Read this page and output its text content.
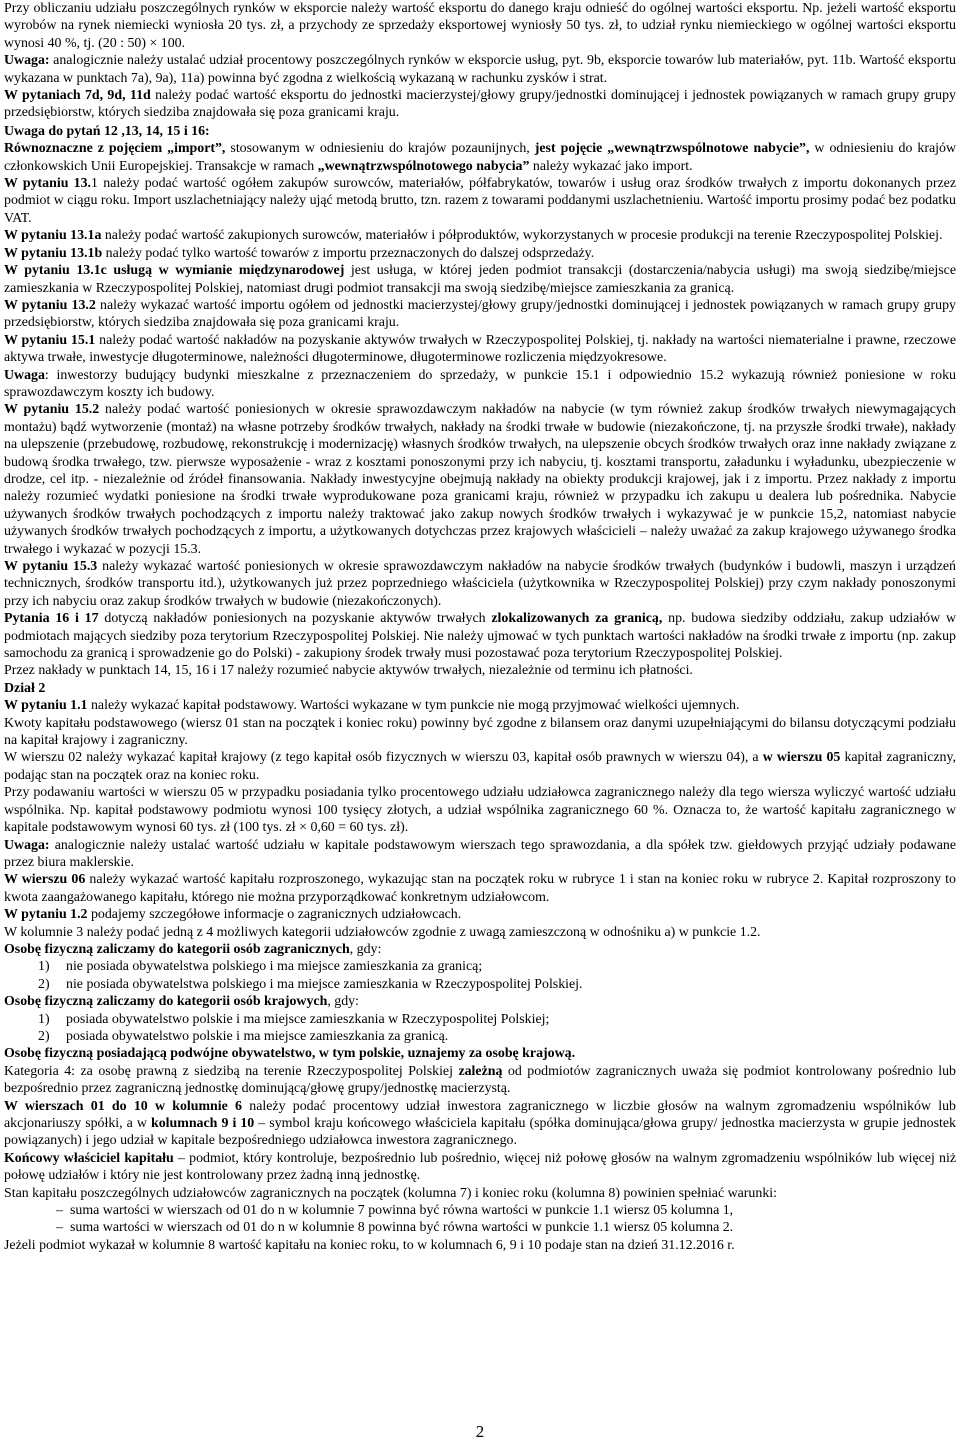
Przy obliczaniu udziału poszczególnych rynków w eksporcie należy wartość eksportu do danego kraju odnieść do ogólnej wartości eksportu. Np. jeżeli wartość eksportu wyrobów na rynek niemiecki wyniosła 20 tys. zł, a przychody ze sprzedaży eksportowej wyniosły 50 tys. zł, to udział rynku niemieckiego w ogólnej wartości eksportu wynosi 40 %, tj. (20 : 50) × 100.

Uwaga: analogicznie należy ustalać udział procentowy poszczególnych rynków w eksporcie usług, pyt. 9b, eksporcie towarów lub materiałów, pyt. 11b. Wartość eksportu wykazana w punktach 7a), 9a), 11a) powinna być zgodna z wielkością wykazaną w rachunku zysków i strat.

W pytaniach 7d, 9d, 11d należy podać wartość eksportu do jednostki macierzystej/głowy grupy/jednostki dominującej i jednostek powiązanych w ramach grupy grupy przedsiębiorstw, których siedziba znajdowała się poza granicami kraju.

Uwaga do pytań 12 ,13, 14, 15 i 16:

Równoznaczne z pojęciem „import”, stosowanym w odniesieniu do krajów pozaunijnych, jest pojęcie „wewnątrzwspólnotowe nabycie”, w odniesieniu do krajów członkowskich Unii Europejskiej. Transakcje w ramach „wewnątrzwspólnotowego nabycia” należy wykazać jako import.

W pytaniu 13.1 należy podać wartość ogółem zakupów surowców, materiałów, półfabrykatów, towarów i usług oraz środków trwałych z importu dokonanych przez podmiot w ciągu roku. Import uszlachetniający należy ująć metodą brutto, tzn. razem z towarami poddanymi uszlachetnieniu. Wartość importu prosimy podać bez podatku VAT.

W pytaniu 13.1a należy podać wartość zakupionych surowców, materiałów i półproduktów, wykorzystanych w procesie produkcji na terenie Rzeczypospolitej Polskiej.

W pytaniu 13.1b należy podać tylko wartość towarów z importu przeznaczonych do dalszej odsprzedaży.

W pytaniu 13.1c usługą w wymianie międzynarodowej jest usługa, w której jeden podmiot transakcji (dostarczenia/nabycia usługi) ma swoją siedzibę/miejsce zamieszkania w Rzeczypospolitej Polskiej, natomiast drugi podmiot transakcji ma swoją siedzibę/miejsce zamieszkania za granicą.

W pytaniu 13.2 należy wykazać wartość importu ogółem od jednostki macierzystej/głowy grupy/jednostki dominującej i jednostek powiązanych w ramach grupy grupy przedsiębiorstw, których siedziba znajdowała się poza granicami kraju.

W pytaniu 15.1 należy podać wartość nakładów na pozyskanie aktywów trwałych w Rzeczypospolitej Polskiej, tj. nakłady na wartości niematerialne i prawne, rzeczowe aktywa trwałe, inwestycje długoterminowe, należności długoterminowe, długoterminowe rozliczenia międzyokresowe.

Uwaga: inwestorzy budujący budynki mieszkalne z przeznaczeniem do sprzedaży, w punkcie 15.1 i odpowiednio 15.2 wykazują również poniesione w roku sprawozdawczym koszty ich budowy.

W pytaniu 15.2 należy podać wartość poniesionych w okresie sprawozdawczym nakładów na nabycie (w tym również zakup środków trwałych niewymagających montażu) bądź wytworzenie (montaż) na własne potrzeby środków trwałych, nakłady na środki trwałe w budowie (niezakończone, tj. na przyszłe środki trwałe), nakłady na ulepszenie (przebudowę, rozbudowę, rekonstrukcję i modernizację) własnych środków trwałych, na ulepszenie obcych środków trwałych oraz inne nakłady związane z budową środka trwałego, tzw. pierwsze wyposażenie - wraz z kosztami ponoszonymi przy ich nabyciu, tj. kosztami transportu, załadunku i wyładunku, ubezpieczenie w drodze, cel itp. - niezależnie od źródeł finansowania. Nakłady inwestycyjne obejmują nakłady na obiekty produkcji krajowej, jak i z importu. Przez nakłady z importu należy rozumieć wydatki poniesione na środki trwałe wyprodukowane poza granicami kraju, również w przypadku ich zakupu u dealera lub pośrednika. Nabycie używanych środków trwałych pochodzących z importu należy traktować jako zakup nowych środków trwałych i wykazywać je w punkcie 15,2, natomiast nabycie używanych środków trwałych pochodzących z importu, a użytkowanych dotychczas przez krajowych właścicieli – należy uważać za zakup krajowego używanego środka trwałego i wykazać w pozycji 15.3.

W pytaniu 15.3 należy wykazać wartość poniesionych w okresie sprawozdawczym nakładów na nabycie środków trwałych (budynków i budowli, maszyn i urządzeń technicznych, środków transportu itd.), użytkowanych już przez poprzedniego właściciela (użytkownika w Rzeczypospolitej Polskiej) przy czym nakłady ponoszonymi przy ich nabyciu oraz zakup środków trwałych w budowie (niezakończonych).

Pytania 16 i 17 dotyczą nakładów poniesionych na pozyskanie aktywów trwałych zlokalizowanych za granicą, np. budowa siedziby oddziału, zakup udziałów w podmiotach mających siedziby poza terytorium Rzeczypospolitej Polskiej. Nie należy ujmować w tych punktach wartości nakładów na środki trwałe z importu (np. zakup samochodu za granicą i sprowadzenie go do Polski) - zakupiony środek trwały musi pozostawać poza terytorium Rzeczypospolitej Polskiej.

Przez nakłady w punktach 14, 15, 16 i 17 należy rozumieć nabycie aktywów trwałych, niezależnie od terminu ich płatności.

Dział 2

W pytaniu 1.1 należy wykazać kapitał podstawowy. Wartości wykazane w tym punkcie nie mogą przyjmować wielkości ujemnych.

Kwoty kapitału podstawowego (wiersz 01 stan na początek i koniec roku) powinny być zgodne z bilansem oraz danymi uzupełniającymi do bilansu dotyczącymi podziału na kapitał krajowy i zagraniczny.

W wierszu 02 należy wykazać kapitał krajowy (z tego kapitał osób fizycznych w wierszu 03, kapitał osób prawnych w wierszu 04), a w wierszu 05 kapitał zagraniczny, podając stan na początek oraz na koniec roku.

Przy podawaniu wartości w wierszu 05 w przypadku posiadania tylko procentowego udziału udziałowca zagranicznego należy dla tego wiersza wyliczyć wartość udziału wspólnika. Np. kapitał podstawowy podmiotu wynosi 100 tysięcy złotych, a udział wspólnika zagranicznego 60 %. Oznacza to, że wartość kapitału zagranicznego w kapitale podstawowym wynosi 60 tys. zł (100 tys. zł × 0,60 = 60 tys. zł).

Uwaga: analogicznie należy ustalać wartość udziału w kapitale podstawowym wierszach tego sprawozdania, a dla spółek tzw. giełdowych przyjąć udziały podawane przez biura maklerskie.

W wierszu 06 należy wykazać wartość kapitału rozproszonego, wykazując stan na początek roku w rubryce 1 i stan na koniec roku w rubryce 2. Kapitał rozproszony to kwota zaangażowanego kapitału, którego nie można przyporządkować konkretnym udziałowcom.

W pytaniu 1.2 podajemy szczegółowe informacje o zagranicznych udziałowcach.

W kolumnie 3 należy podać jedną z 4 możliwych kategorii udziałowców zgodnie z uwagą zamieszczoną w odnośniku a) w punkcie 1.2.

Osobę fizyczną zaliczamy do kategorii osób zagranicznych, gdy:

1) nie posiada obywatelstwa polskiego i ma miejsce zamieszkania za granicą;
2) nie posiada obywatelstwa polskiego i ma miejsce zamieszkania w Rzeczypospolitej Polskiej.

Osobę fizyczną zaliczamy do kategorii osób krajowych, gdy:

1) posiada obywatelstwo polskie i ma miejsce zamieszkania w Rzeczypospolitej Polskiej;
2) posiada obywatelstwo polskie i ma miejsce zamieszkania za granicą.

Osobę fizyczną posiadającą podwójne obywatelstwo, w tym polskie, uznajemy za osobę krajową.

Kategoria 4: za osobę prawną z siedzibą na terenie Rzeczypospolitej Polskiej zależną od podmiotów zagranicznych uważa się podmiot kontrolowany pośrednio lub bezpośrednio przez zagraniczną jednostkę dominującą/głowę grupy/jednostkę macierzystą.

W wierszach 01 do 10 w kolumnie 6 należy podać procentowy udział inwestora zagranicznego w liczbie głosów na walnym zgromadzeniu wspólników lub akcjonariuszy spółki, a w kolumnach 9 i 10 – symbol kraju końcowego właściciela kapitału (spółka dominująca/głowa grupy/ jednostka macierzysta w grupie jednostek powiązanych) i jego udział w kapitale bezpośredniego udziałowca inwestora zagranicznego.

Końcowy właściciel kapitału – podmiot, który kontroluje, bezpośrednio lub pośrednio, więcej niż połowę głosów na walnym zgromadzeniu wspólników lub więcej niż połowę udziałów i który nie jest kontrolowany przez żadną inną jednostkę.

Stan kapitału poszczególnych udziałowców zagranicznych na początek (kolumna 7) i koniec roku (kolumna 8) powinien spełniać warunki:

– suma wartości w wierszach od 01 do n w kolumnie 7 powinna być równa wartości w punkcie 1.1 wiersz 05 kolumna 1,
– suma wartości w wierszach od 01 do n w kolumnie 8 powinna być równa wartości w punkcie 1.1 wiersz 05 kolumna 2.

Jeżeli podmiot wykazał w kolumnie 8 wartość kapitału na koniec roku, to w kolumnach 6, 9 i 10 podaje stan na dzień 31.12.2016 r.

2
